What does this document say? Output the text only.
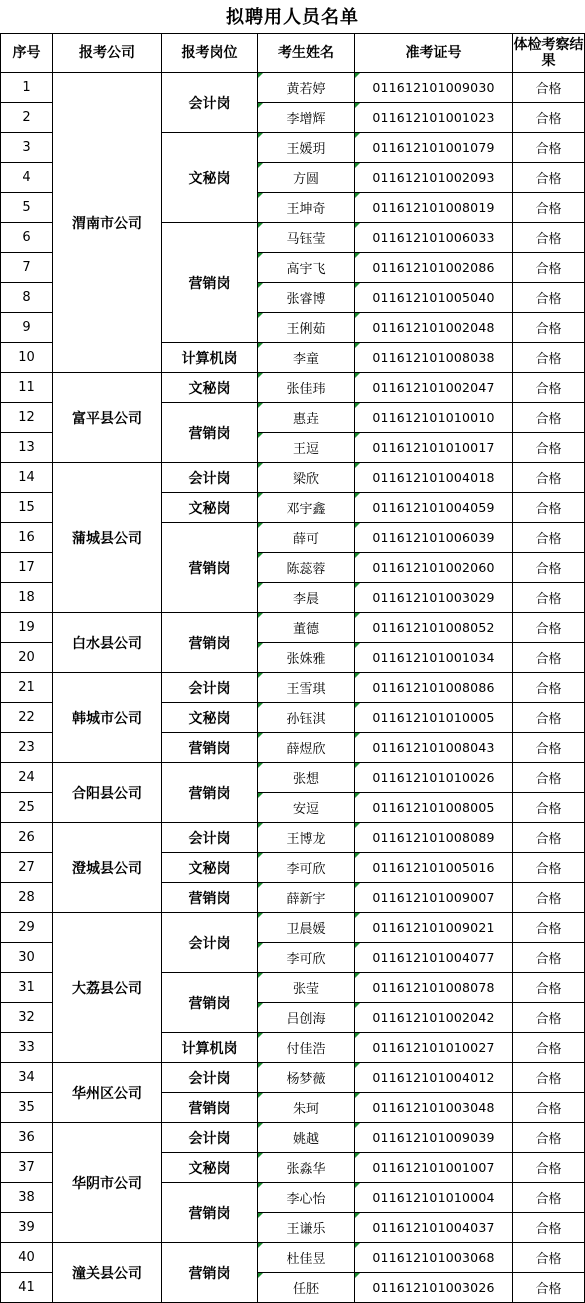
拟聘用人员名单
序号	报考公司	报考岗位	考生姓名	准考证号	体检考察结果
1	渭南市公司	会计岗	黄若婷	011612101009030	合格
2			李增辉	011612101001023	合格
3		文秘岗	王媛玥	011612101001079	合格
4			方圆	011612101002093	合格
5			王坤奇	011612101008019	合格
6		营销岗	马钰莹	011612101006033	合格
7			高宇飞	011612101002086	合格
8			张睿博	011612101005040	合格
9			王俐茹	011612101002048	合格
10		计算机岗	李童	011612101008038	合格
11	富平县公司	文秘岗	张佳玮	011612101002047	合格
12		营销岗	惠垚	011612101010010	合格
13			王逗	011612101010017	合格
14	蒲城县公司	会计岗	梁欣	011612101004018	合格
15		文秘岗	邓宇鑫	011612101004059	合格
16		营销岗	薛可	011612101006039	合格
17			陈蕊蓉	011612101002060	合格
18			李晨	011612101003029	合格
19	白水县公司	营销岗	董德	011612101008052	合格
20			张姝雅	011612101001034	合格
21	韩城市公司	会计岗	王雪琪	011612101008086	合格
22		文秘岗	孙钰淇	011612101010005	合格
23		营销岗	薛煜欣	011612101008043	合格
24	合阳县公司	营销岗	张想	011612101010026	合格
25			安逗	011612101008005	合格
26	澄城县公司	会计岗	王博龙	011612101008089	合格
27		文秘岗	李可欣	011612101005016	合格
28		营销岗	薛新宇	011612101009007	合格
29	大荔县公司	会计岗	卫晨媛	011612101009021	合格
30			李可欣	011612101004077	合格
31		营销岗	张莹	011612101008078	合格
32			吕创海	011612101002042	合格
33		计算机岗	付佳浩	011612101010027	合格
34	华州区公司	会计岗	杨梦薇	011612101004012	合格
35		营销岗	朱珂	011612101003048	合格
36	华阴市公司	会计岗	姚越	011612101009039	合格
37		文秘岗	张淼华	011612101001007	合格
38		营销岗	李心怡	011612101010004	合格
39			王谦乐	011612101004037	合格
40	潼关县公司	营销岗	杜佳昱	011612101003068	合格
41			任胚	011612101003026	合格
